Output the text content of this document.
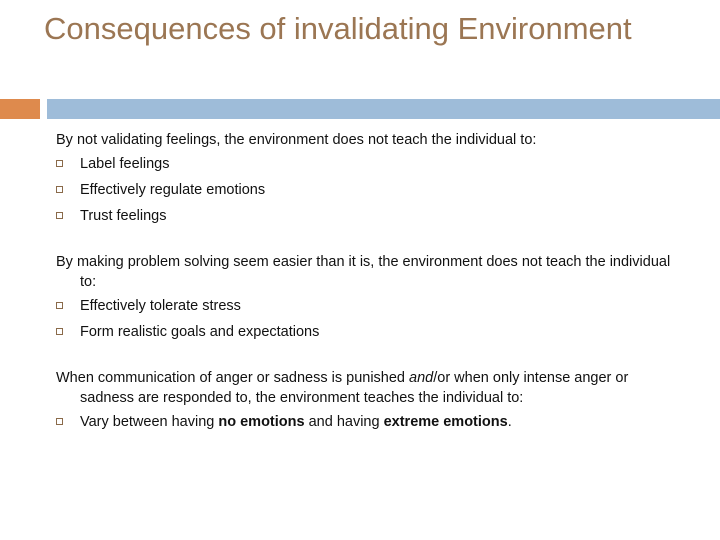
Consequences of invalidating Environment

By not validating feelings, the environment does not teach the individual to:

Label feelings
Effectively regulate emotions
Trust feelings

By making problem solving seem easier than it is, the environment does not teach the individual to:

Effectively tolerate stress
Form realistic goals and expectations

When communication of anger or sadness is punished and/or when only intense anger or sadness are responded to, the environment teaches the individual to:

Vary between having no emotions and having extreme emotions.
